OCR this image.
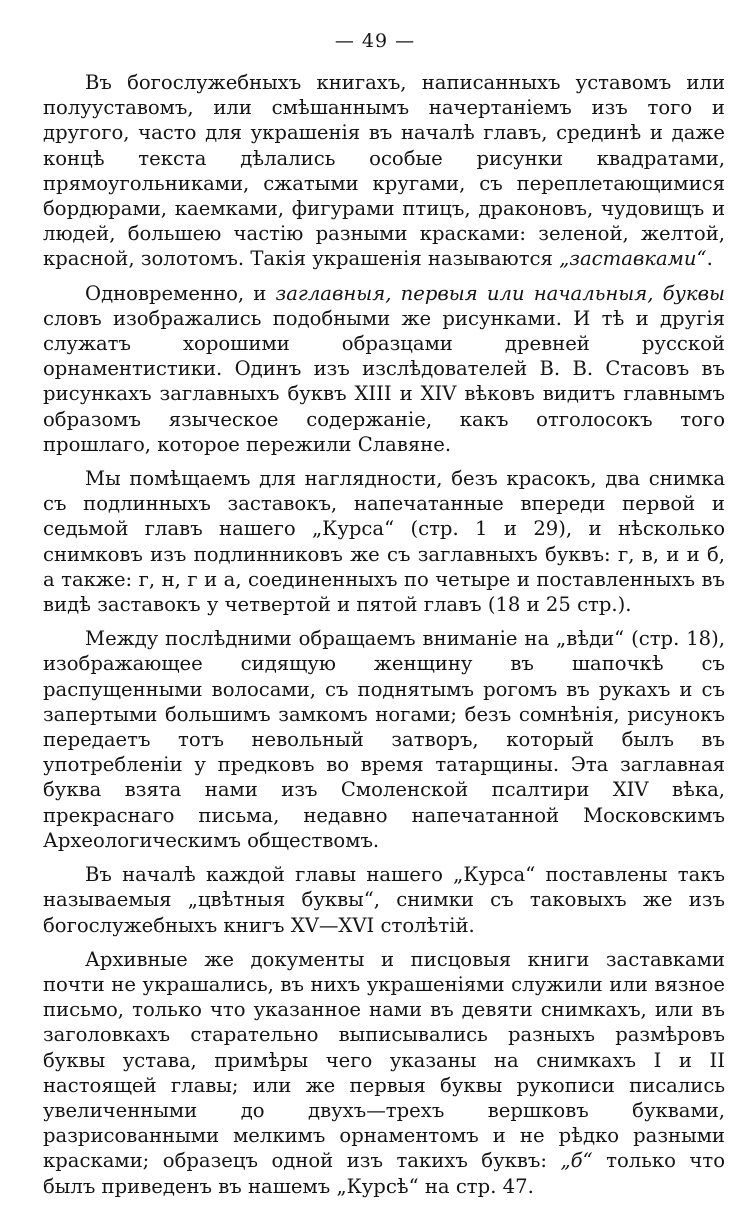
— 49 —

Въ богослужебныхъ книгахъ, написанныхъ уставомъ или полууставомъ, или смѣшаннымъ начертаніемъ изъ того и другого, часто для украшенія въ началѣ главъ, срединѣ и даже концѣ текста дѣлались особые рисунки квадратами, прямоугольниками, сжатыми кругами, съ переплетающимися бордюрами, каемками, фигурами птицъ, драконовъ, чудовищъ и людей, большею частію разными красками: зеленой, желтой, красной, золотомъ. Такія украшенія называются „заставками“.

Одновременно, и заглавныя, первыя или начальныя, буквы словъ изображались подобными же рисунками. И тѣ и другія служатъ хорошими образцами древней русской орнаментистики. Одинъ изъ изслѣдователей В. В. Стасовъ въ рисункахъ заглавныхъ буквъ XIII и XIV вѣковъ видитъ главнымъ образомъ языческое содержаніе, какъ отголосокъ того прошлаго, которое пережили Славяне.

Мы помѣщаемъ для наглядности, безъ красокъ, два снимка съ подлинныхъ заставокъ, напечатанные впереди первой и седьмой главъ нашего „Курса“ (стр. 1 и 29), и нѣсколько снимковъ изъ подлинниковъ же съ заглавныхъ буквъ: г, в, и и б, а также: г, н, г и а, соединенныхъ по четыре и поставленныхъ въ видѣ заставокъ у четвертой и пятой главъ (18 и 25 стр.).

Между послѣдними обращаемъ вниманіе на „вѣди“ (стр. 18), изображающее сидящую женщину въ шапочкѣ съ распущенными волосами, съ поднятымъ рогомъ въ рукахъ и съ запертыми большимъ замкомъ ногами; безъ сомнѣнія, рисунокъ передаетъ тотъ невольный затворъ, который былъ въ употребленіи у предковъ во время татарщины. Эта заглавная буква взята нами изъ Смоленской псалтири XIV вѣка, прекраснаго письма, недавно напечатанной Московскимъ Археологическимъ обществомъ.

Въ началѣ каждой главы нашего „Курса“ поставлены такъ называемыя „цвѣтныя буквы“, снимки съ таковыхъ же изъ богослужебныхъ книгъ XV—XVI столѣтій.

Архивные же документы и писцовыя книги заставками почти не украшались, въ нихъ украшеніями служили или вязное письмо, только что указанное нами въ девяти снимкахъ, или въ заголовкахъ старательно выписывались разныхъ размѣровъ буквы устава, примѣры чего указаны на снимкахъ I и II настоящей главы; или же первыя буквы рукописи писались увеличенными до двухъ—трехъ вершковъ буквами, разрисованными мелкимъ орнаментомъ и не рѣдко разными красками; образецъ одной изъ такихъ буквъ: „б“ только что былъ приведенъ въ нашемъ „Курсѣ“ на стр. 47.
